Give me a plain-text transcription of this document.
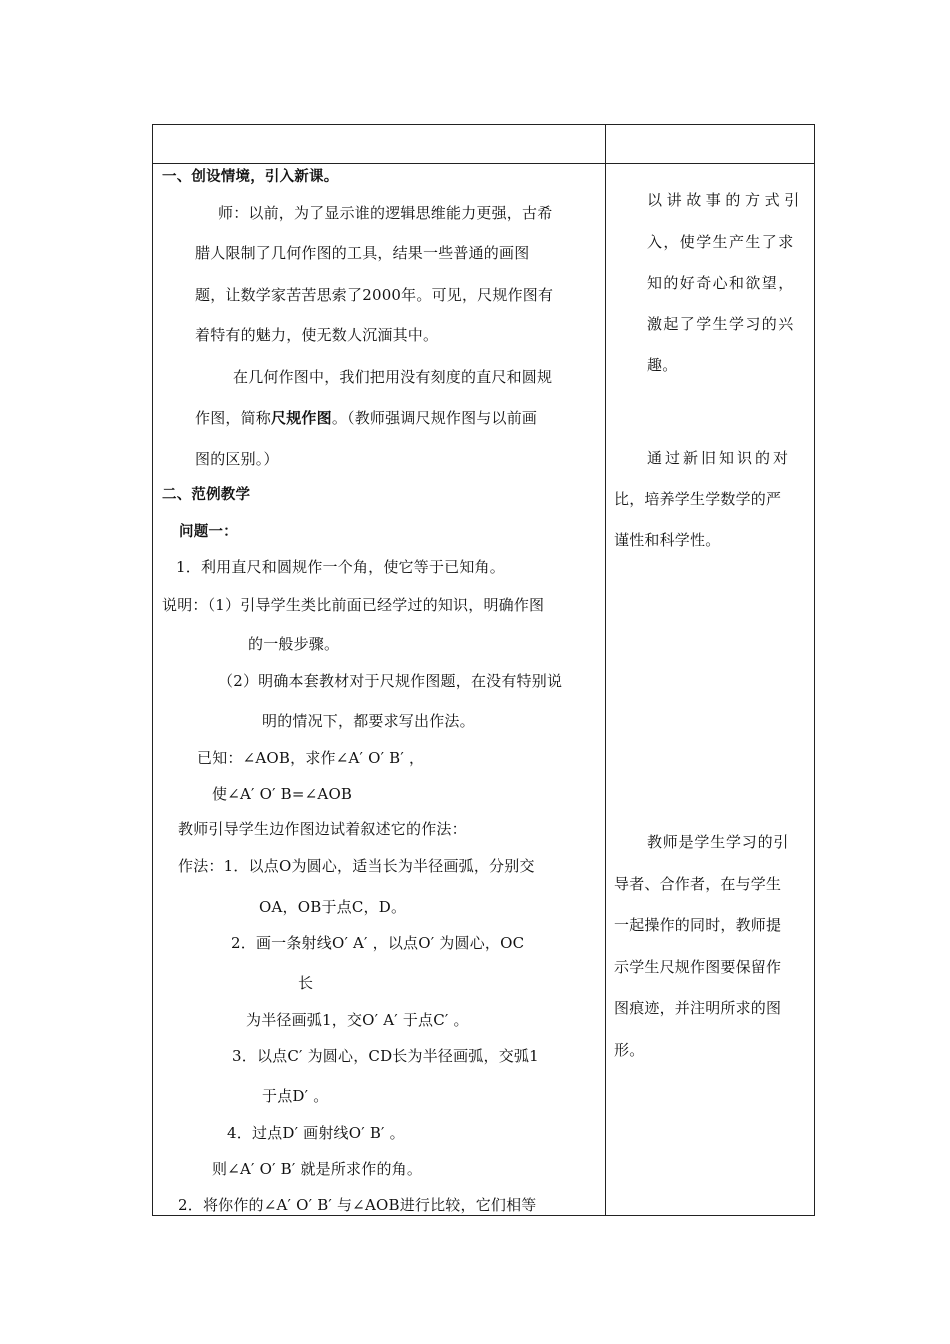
一、创设情境，引入新课。
师：以前，为了显示谁的逻辑思维能力更强，古希
腊人限制了几何作图的工具，结果一些普通的画图
题，让数学家苦苦思索了2000年。可见，尺规作图有
着特有的魅力，使无数人沉湎其中。
在几何作图中，我们把用没有刻度的直尺和圆规
作图，简称尺规作图。（教师强调尺规作图与以前画
图的区别。）
二、范例教学
问题一：
1．利用直尺和圆规作一个角，使它等于已知角。
说明：（1）引导学生类比前面已经学过的知识，明确作图
的一般步骤。
（2）明确本套教材对于尺规作图题，在没有特别说
明的情况下，都要求写出作法。
已知：∠AOB，求作∠A′ O′ B′ ，
使∠A′ O′ B=∠AOB
教师引导学生边作图边试着叙述它的作法：
作法：1．以点O为圆心，适当长为半径画弧，分别交
OA，OB于点C，D。
2．画一条射线O′ A′ ，以点O′ 为圆心，OC
长
为半径画弧1，交O′ A′ 于点C′ 。
3．以点C′ 为圆心，CD长为半径画弧，交弧1
于点D′ 。
4．过点D′ 画射线O′ B′ 。
则∠A′ O′ B′ 就是所求作的角。
2．将你作的∠A′ O′ B′ 与∠AOB进行比较，它们相等
以讲故事的方式引
入，使学生产生了求
知的好奇心和欲望，
激起了学生学习的兴
趣。
通过新旧知识的对
比，培养学生学数学的严
谨性和科学性。
教师是学生学习的引
导者、合作者，在与学生
一起操作的同时，教师提
示学生尺规作图要保留作
图痕迹，并注明所求的图
形。
